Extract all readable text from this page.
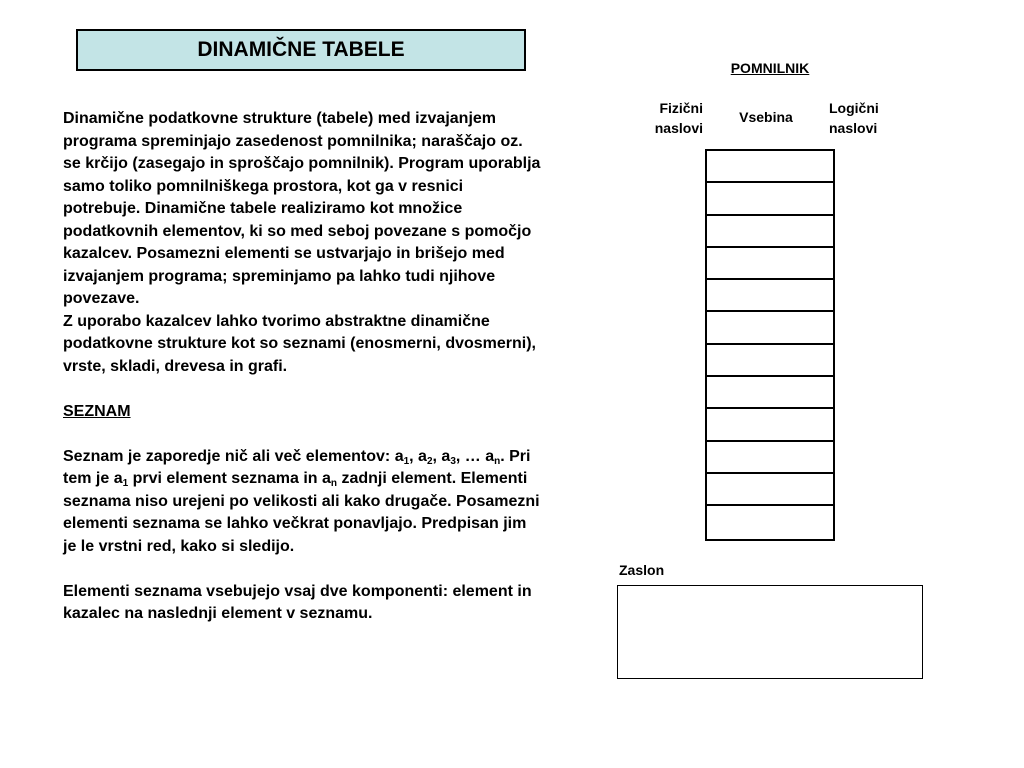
DINAMIČNE TABELE

Dinamične podatkovne strukture (tabele) med izvajanjem programa spreminjajo zasedenost pomnilnika; naraščajo oz. se krčijo (zasegajo in sproščajo pomnilnik). Program uporablja samo toliko pomnilniškega prostora, kot ga v resnici potrebuje. Dinamične tabele realiziramo kot množice podatkovnih elementov, ki so med seboj povezane s pomočjo kazalcev. Posamezni elementi se ustvarjajo in brišejo med izvajanjem programa; spreminjamo pa lahko tudi njihove povezave.

Z uporabo kazalcev lahko tvorimo abstraktne dinamične podatkovne strukture kot so seznami (enosmerni, dvosmerni), vrste, skladi, drevesa in grafi.

SEZNAM

Seznam je zaporedje nič ali več elementov: $a_1$, $a_2$, $a_3$, … $a_n$. Pri tem je $a_1$ prvi element seznama in $a_n$ zadnji element. Elementi seznama niso urejeni po velikosti ali kako drugače. Posamezni elementi seznama se lahko večkrat ponavljajo. Predpisan jim je le vrstni red, kako si sledijo.

Elementi seznama vsebujejo vsaj dve komponenti: element in kazalec na naslednji element v seznamu.

POMNILNIK
Fizični
naslovi
Vsebina
Logični
naslovi
Zaslon
